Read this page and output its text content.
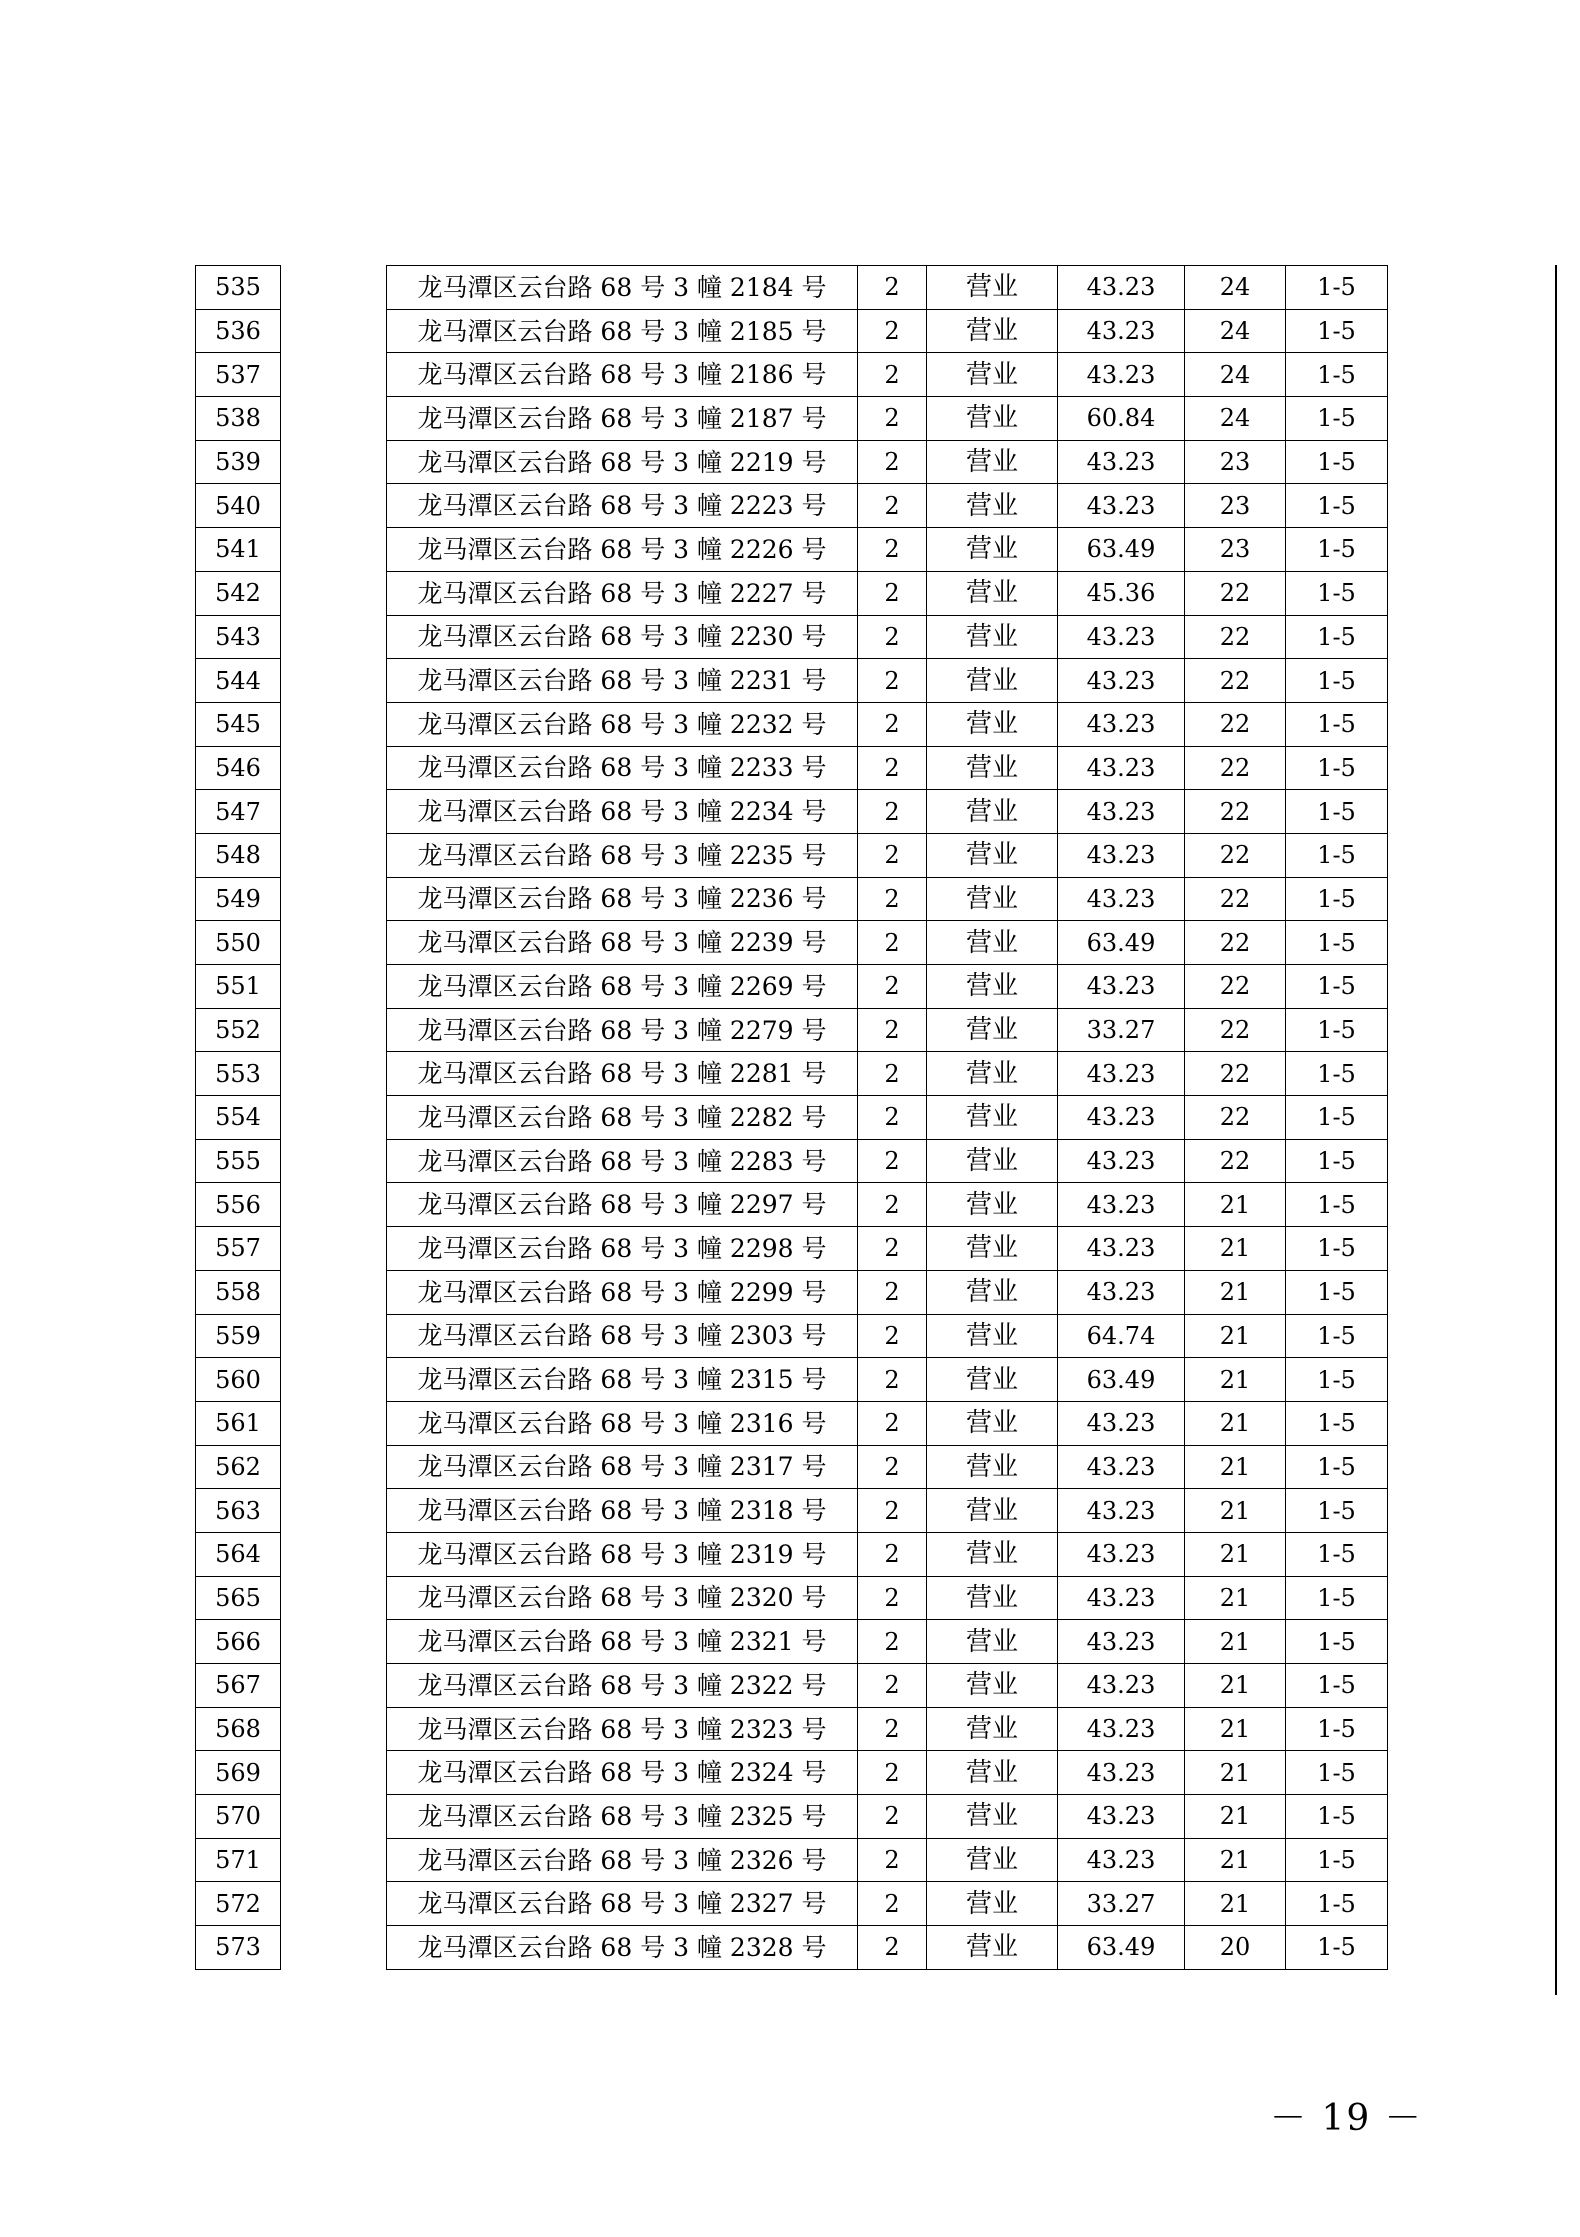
535		龙马潭区云台路 68 号 3 幢 2184 号	2	营业	43.23	24	1-5
536		龙马潭区云台路 68 号 3 幢 2185 号	2	营业	43.23	24	1-5
537		龙马潭区云台路 68 号 3 幢 2186 号	2	营业	43.23	24	1-5
538		龙马潭区云台路 68 号 3 幢 2187 号	2	营业	60.84	24	1-5
539		龙马潭区云台路 68 号 3 幢 2219 号	2	营业	43.23	23	1-5
540		龙马潭区云台路 68 号 3 幢 2223 号	2	营业	43.23	23	1-5
541		龙马潭区云台路 68 号 3 幢 2226 号	2	营业	63.49	23	1-5
542		龙马潭区云台路 68 号 3 幢 2227 号	2	营业	45.36	22	1-5
543		龙马潭区云台路 68 号 3 幢 2230 号	2	营业	43.23	22	1-5
544		龙马潭区云台路 68 号 3 幢 2231 号	2	营业	43.23	22	1-5
545		龙马潭区云台路 68 号 3 幢 2232 号	2	营业	43.23	22	1-5
546		龙马潭区云台路 68 号 3 幢 2233 号	2	营业	43.23	22	1-5
547		龙马潭区云台路 68 号 3 幢 2234 号	2	营业	43.23	22	1-5
548		龙马潭区云台路 68 号 3 幢 2235 号	2	营业	43.23	22	1-5
549		龙马潭区云台路 68 号 3 幢 2236 号	2	营业	43.23	22	1-5
550		龙马潭区云台路 68 号 3 幢 2239 号	2	营业	63.49	22	1-5
551		龙马潭区云台路 68 号 3 幢 2269 号	2	营业	43.23	22	1-5
552		龙马潭区云台路 68 号 3 幢 2279 号	2	营业	33.27	22	1-5
553		龙马潭区云台路 68 号 3 幢 2281 号	2	营业	43.23	22	1-5
554		龙马潭区云台路 68 号 3 幢 2282 号	2	营业	43.23	22	1-5
555		龙马潭区云台路 68 号 3 幢 2283 号	2	营业	43.23	22	1-5
556		龙马潭区云台路 68 号 3 幢 2297 号	2	营业	43.23	21	1-5
557		龙马潭区云台路 68 号 3 幢 2298 号	2	营业	43.23	21	1-5
558		龙马潭区云台路 68 号 3 幢 2299 号	2	营业	43.23	21	1-5
559		龙马潭区云台路 68 号 3 幢 2303 号	2	营业	64.74	21	1-5
560		龙马潭区云台路 68 号 3 幢 2315 号	2	营业	63.49	21	1-5
561		龙马潭区云台路 68 号 3 幢 2316 号	2	营业	43.23	21	1-5
562		龙马潭区云台路 68 号 3 幢 2317 号	2	营业	43.23	21	1-5
563		龙马潭区云台路 68 号 3 幢 2318 号	2	营业	43.23	21	1-5
564		龙马潭区云台路 68 号 3 幢 2319 号	2	营业	43.23	21	1-5
565		龙马潭区云台路 68 号 3 幢 2320 号	2	营业	43.23	21	1-5
566		龙马潭区云台路 68 号 3 幢 2321 号	2	营业	43.23	21	1-5
567		龙马潭区云台路 68 号 3 幢 2322 号	2	营业	43.23	21	1-5
568		龙马潭区云台路 68 号 3 幢 2323 号	2	营业	43.23	21	1-5
569		龙马潭区云台路 68 号 3 幢 2324 号	2	营业	43.23	21	1-5
570		龙马潭区云台路 68 号 3 幢 2325 号	2	营业	43.23	21	1-5
571		龙马潭区云台路 68 号 3 幢 2326 号	2	营业	43.23	21	1-5
572		龙马潭区云台路 68 号 3 幢 2327 号	2	营业	33.27	21	1-5
573		龙马潭区云台路 68 号 3 幢 2328 号	2	营业	63.49	20	1-5
－ 19 －
